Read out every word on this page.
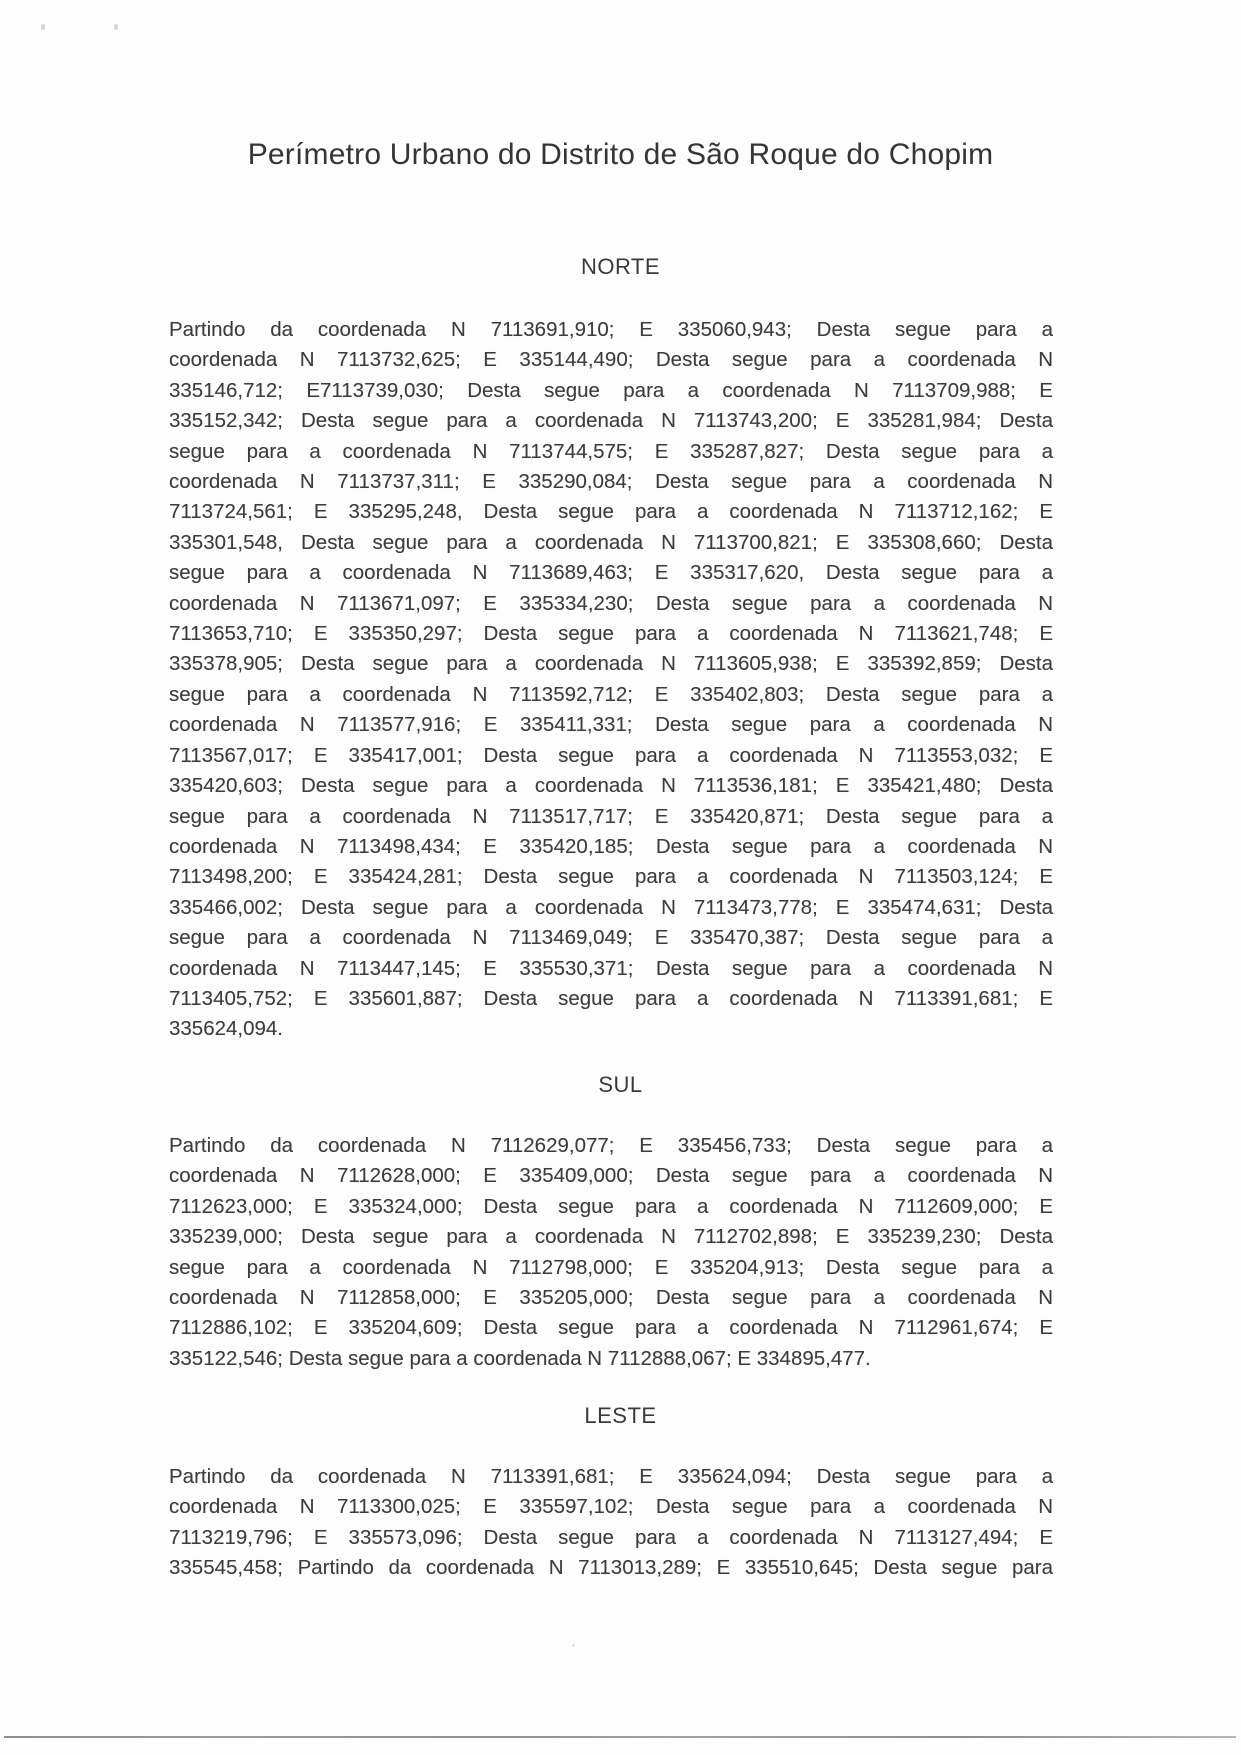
Perímetro Urbano do Distrito de São Roque do Chopim
NORTE
Partindo da coordenada N 7113691,910; E 335060,943; Desta segue para a
coordenada N 7113732,625; E 335144,490; Desta segue para a coordenada N
335146,712; E7113739,030; Desta segue para a coordenada N 7113709,988; E
335152,342; Desta segue para a coordenada N 7113743,200; E 335281,984; Desta
segue para a coordenada N 7113744,575; E 335287,827; Desta segue para a
coordenada N 7113737,311; E 335290,084; Desta segue para a coordenada N
7113724,561; E 335295,248, Desta segue para a coordenada N 7113712,162; E
335301,548, Desta segue para a coordenada N 7113700,821; E 335308,660; Desta
segue para a coordenada N 7113689,463; E 335317,620, Desta segue para a
coordenada N 7113671,097; E 335334,230; Desta segue para a coordenada N
7113653,710; E 335350,297; Desta segue para a coordenada N 7113621,748; E
335378,905; Desta segue para a coordenada N 7113605,938; E 335392,859; Desta
segue para a coordenada N 7113592,712; E 335402,803; Desta segue para a
coordenada N 7113577,916; E 335411,331; Desta segue para a coordenada N
7113567,017; E 335417,001; Desta segue para a coordenada N 7113553,032; E
335420,603; Desta segue para a coordenada N 7113536,181; E 335421,480; Desta
segue para a coordenada N 7113517,717; E 335420,871; Desta segue para a
coordenada N 7113498,434; E 335420,185; Desta segue para a coordenada N
7113498,200; E 335424,281; Desta segue para a coordenada N 7113503,124; E
335466,002; Desta segue para a coordenada N 7113473,778; E 335474,631; Desta
segue para a coordenada N 7113469,049; E 335470,387; Desta segue para a
coordenada N 7113447,145; E 335530,371; Desta segue para a coordenada N
7113405,752; E 335601,887; Desta segue para a coordenada N 7113391,681; E
335624,094.
SUL
Partindo da coordenada N 7112629,077; E 335456,733; Desta segue para a
coordenada N 7112628,000; E 335409,000; Desta segue para a coordenada N
7112623,000; E 335324,000; Desta segue para a coordenada N 7112609,000; E
335239,000; Desta segue para a coordenada N 7112702,898; E 335239,230; Desta
segue para a coordenada N 7112798,000; E 335204,913; Desta segue para a
coordenada N 7112858,000; E 335205,000; Desta segue para a coordenada N
7112886,102; E 335204,609; Desta segue para a coordenada N 7112961,674; E
335122,546; Desta segue para a coordenada N 7112888,067; E 334895,477.
LESTE
Partindo da coordenada N 7113391,681; E 335624,094; Desta segue para a
coordenada N 7113300,025; E 335597,102; Desta segue para a coordenada N
7113219,796; E 335573,096; Desta segue para a coordenada N 7113127,494; E
335545,458; Partindo da coordenada N 7113013,289; E 335510,645; Desta segue para
